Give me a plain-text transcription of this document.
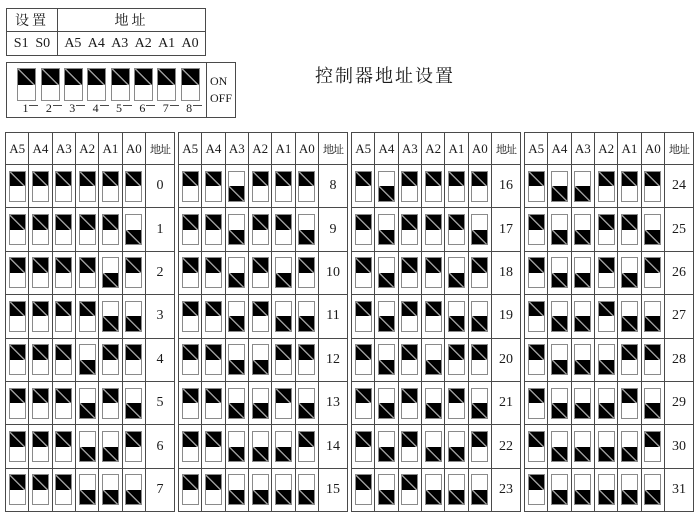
设置	地址
S1 S0 A5 A4 A3 A2 A1 A0
1 2 3 4 5 6 7 8
ON
OFF
控制器地址设置
A5 A4 A3 A2 A1 A0 地址
0
1
2
3
4
5
6
7
A5 A4 A3 A2 A1 A0 地址
8
9
10
11
12
13
14
15
A5 A4 A3 A2 A1 A0 地址
16
17
18
19
20
21
22
23
A5 A4 A3 A2 A1 A0 地址
24
25
26
27
28
29
30
31
